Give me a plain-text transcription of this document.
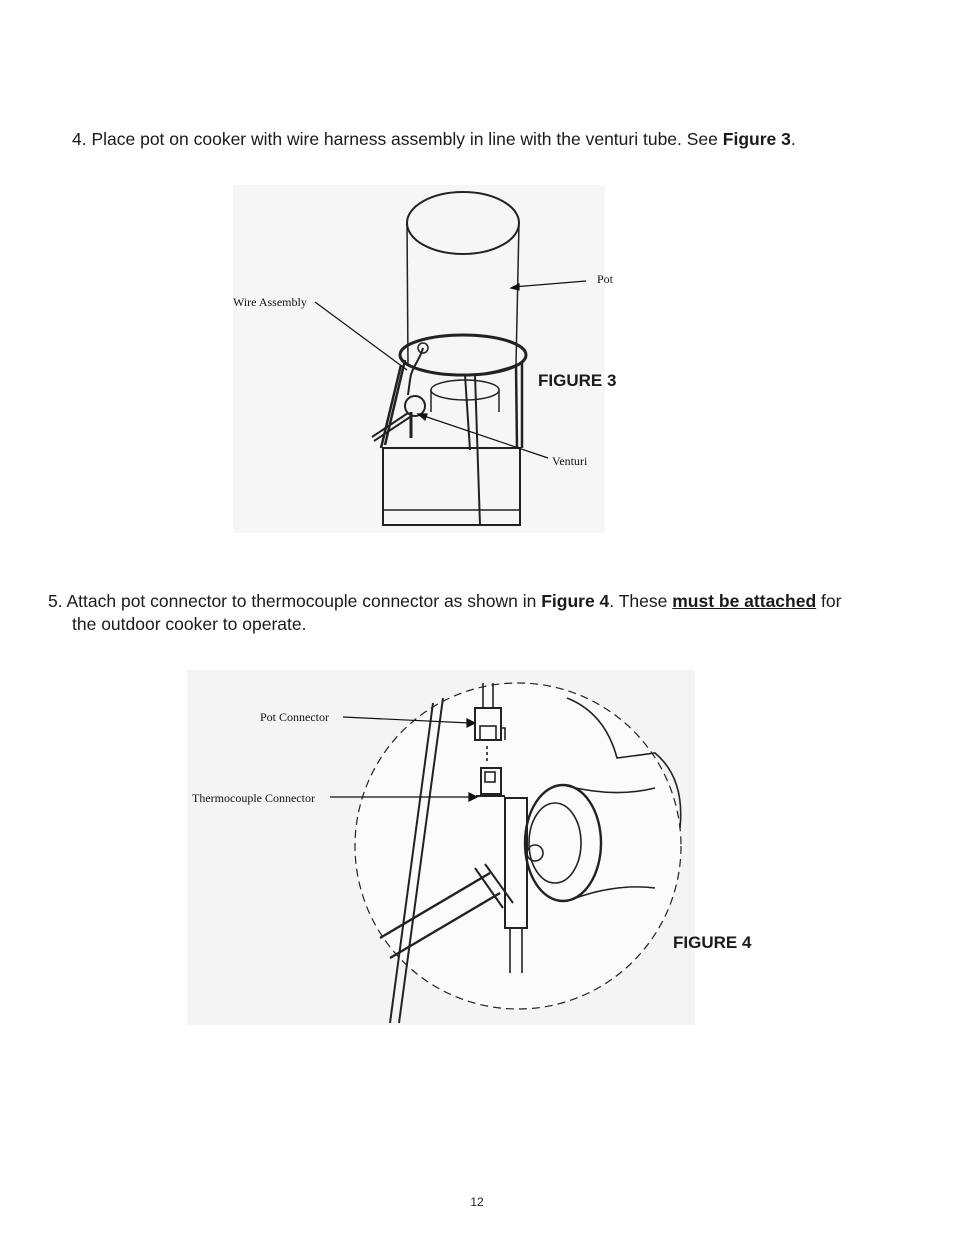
4. Place pot on cooker with wire harness assembly in line with the venturi tube. See Figure 3.
Pot
Wire Assembly
Venturi
FIGURE 3
5. Attach pot connector to thermocouple connector as shown in Figure 4. These must be attached for
the outdoor cooker to operate.
Pot Connector
Thermocouple Connector
FIGURE 4
12
